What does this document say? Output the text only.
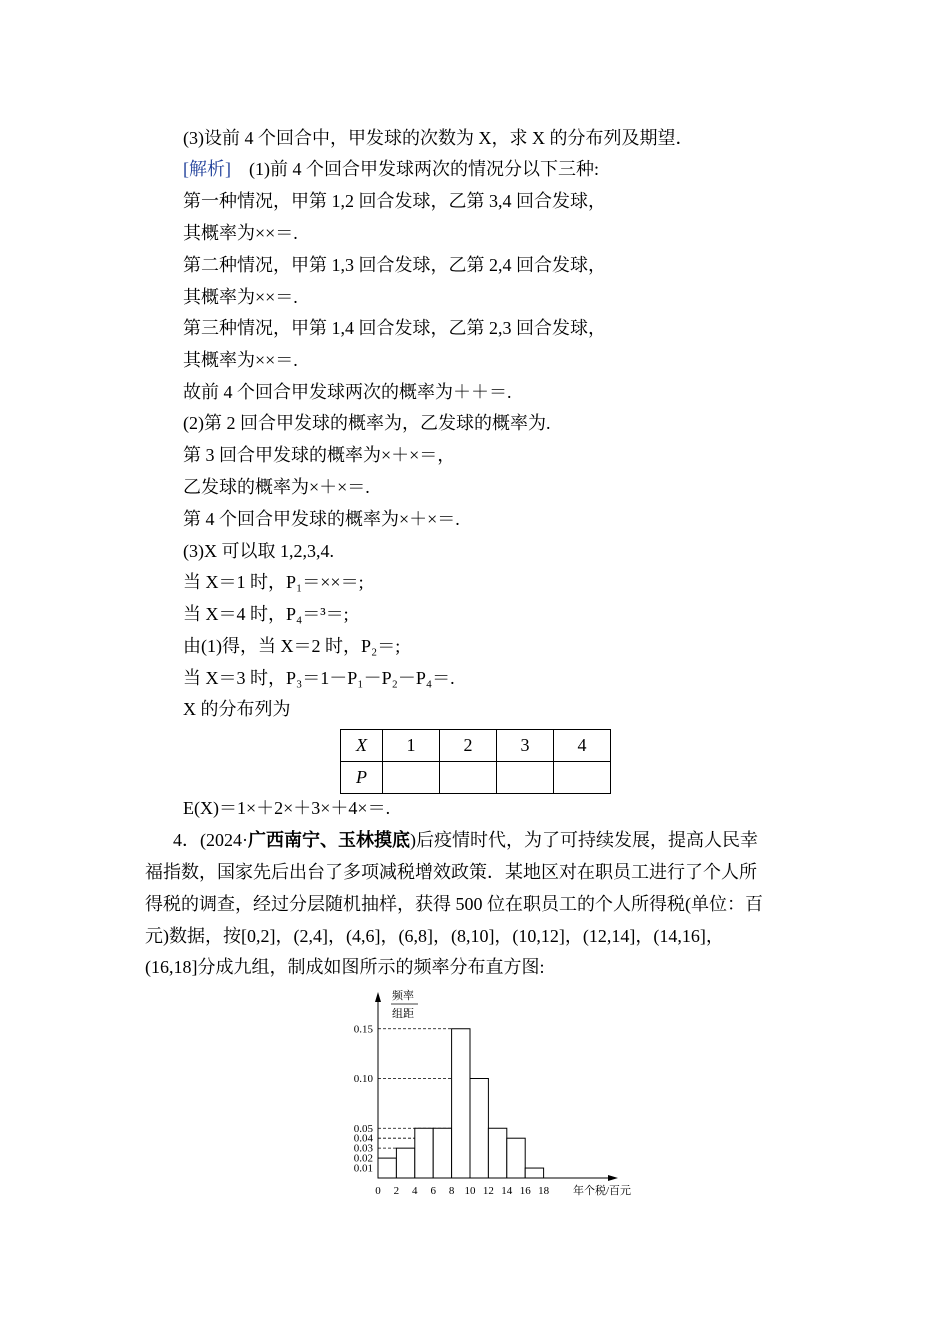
(3)设前 4 个回合中，甲发球的次数为 X，求 X 的分布列及期望．
[解析]　 (1)前 4 个回合甲发球两次的情况分以下三种:
第一种情况，甲第 1,2 回合发球，乙第 3,4 回合发球，
其概率为××＝.
第二种情况，甲第 1,3 回合发球，乙第 2,4 回合发球，
其概率为××＝.
第三种情况，甲第 1,4 回合发球，乙第 2,3 回合发球，
其概率为××＝.
故前 4 个回合甲发球两次的概率为＋＋＝.
(2)第 2 回合甲发球的概率为，乙发球的概率为.
第 3 回合甲发球的概率为×＋×＝，
乙发球的概率为×＋×＝.
第 4 个回合甲发球的概率为×＋×＝.
(3)X 可以取 1,2,3,4.
当 X＝1 时，P₁＝××＝;
当 X＝4 时，P₄＝³＝;
由(1)得，当 X＝2 时，P₂＝;
当 X＝3 时，P₃＝1－P₁－P₂－P₄＝.
X 的分布列为
X	1	2	3	4
P				
E(X)＝1×＋2×＋3×＋4×＝.
4．(2024·广西南宁、玉林摸底)后疫情时代，为了可持续发展，提高人民幸
福指数，国家先后出台了多项减税增效政策．某地区对在职员工进行了个人所
得税的调查，经过分层随机抽样，获得 500 位在职员工的个人所得税(单位：百
元)数据，按[0,2]，(2,4]，(4,6]，(6,8]，(8,10]，(10,12]，(12,14]，(14,16]，
(16,18]分成九组，制成如图所示的频率分布直方图:
0.01
0.02
0.03
0.04
0.05
0.10
0.15
0 2 4 6 8 10 12 14 16 18
频率
组距
年个税/百元
